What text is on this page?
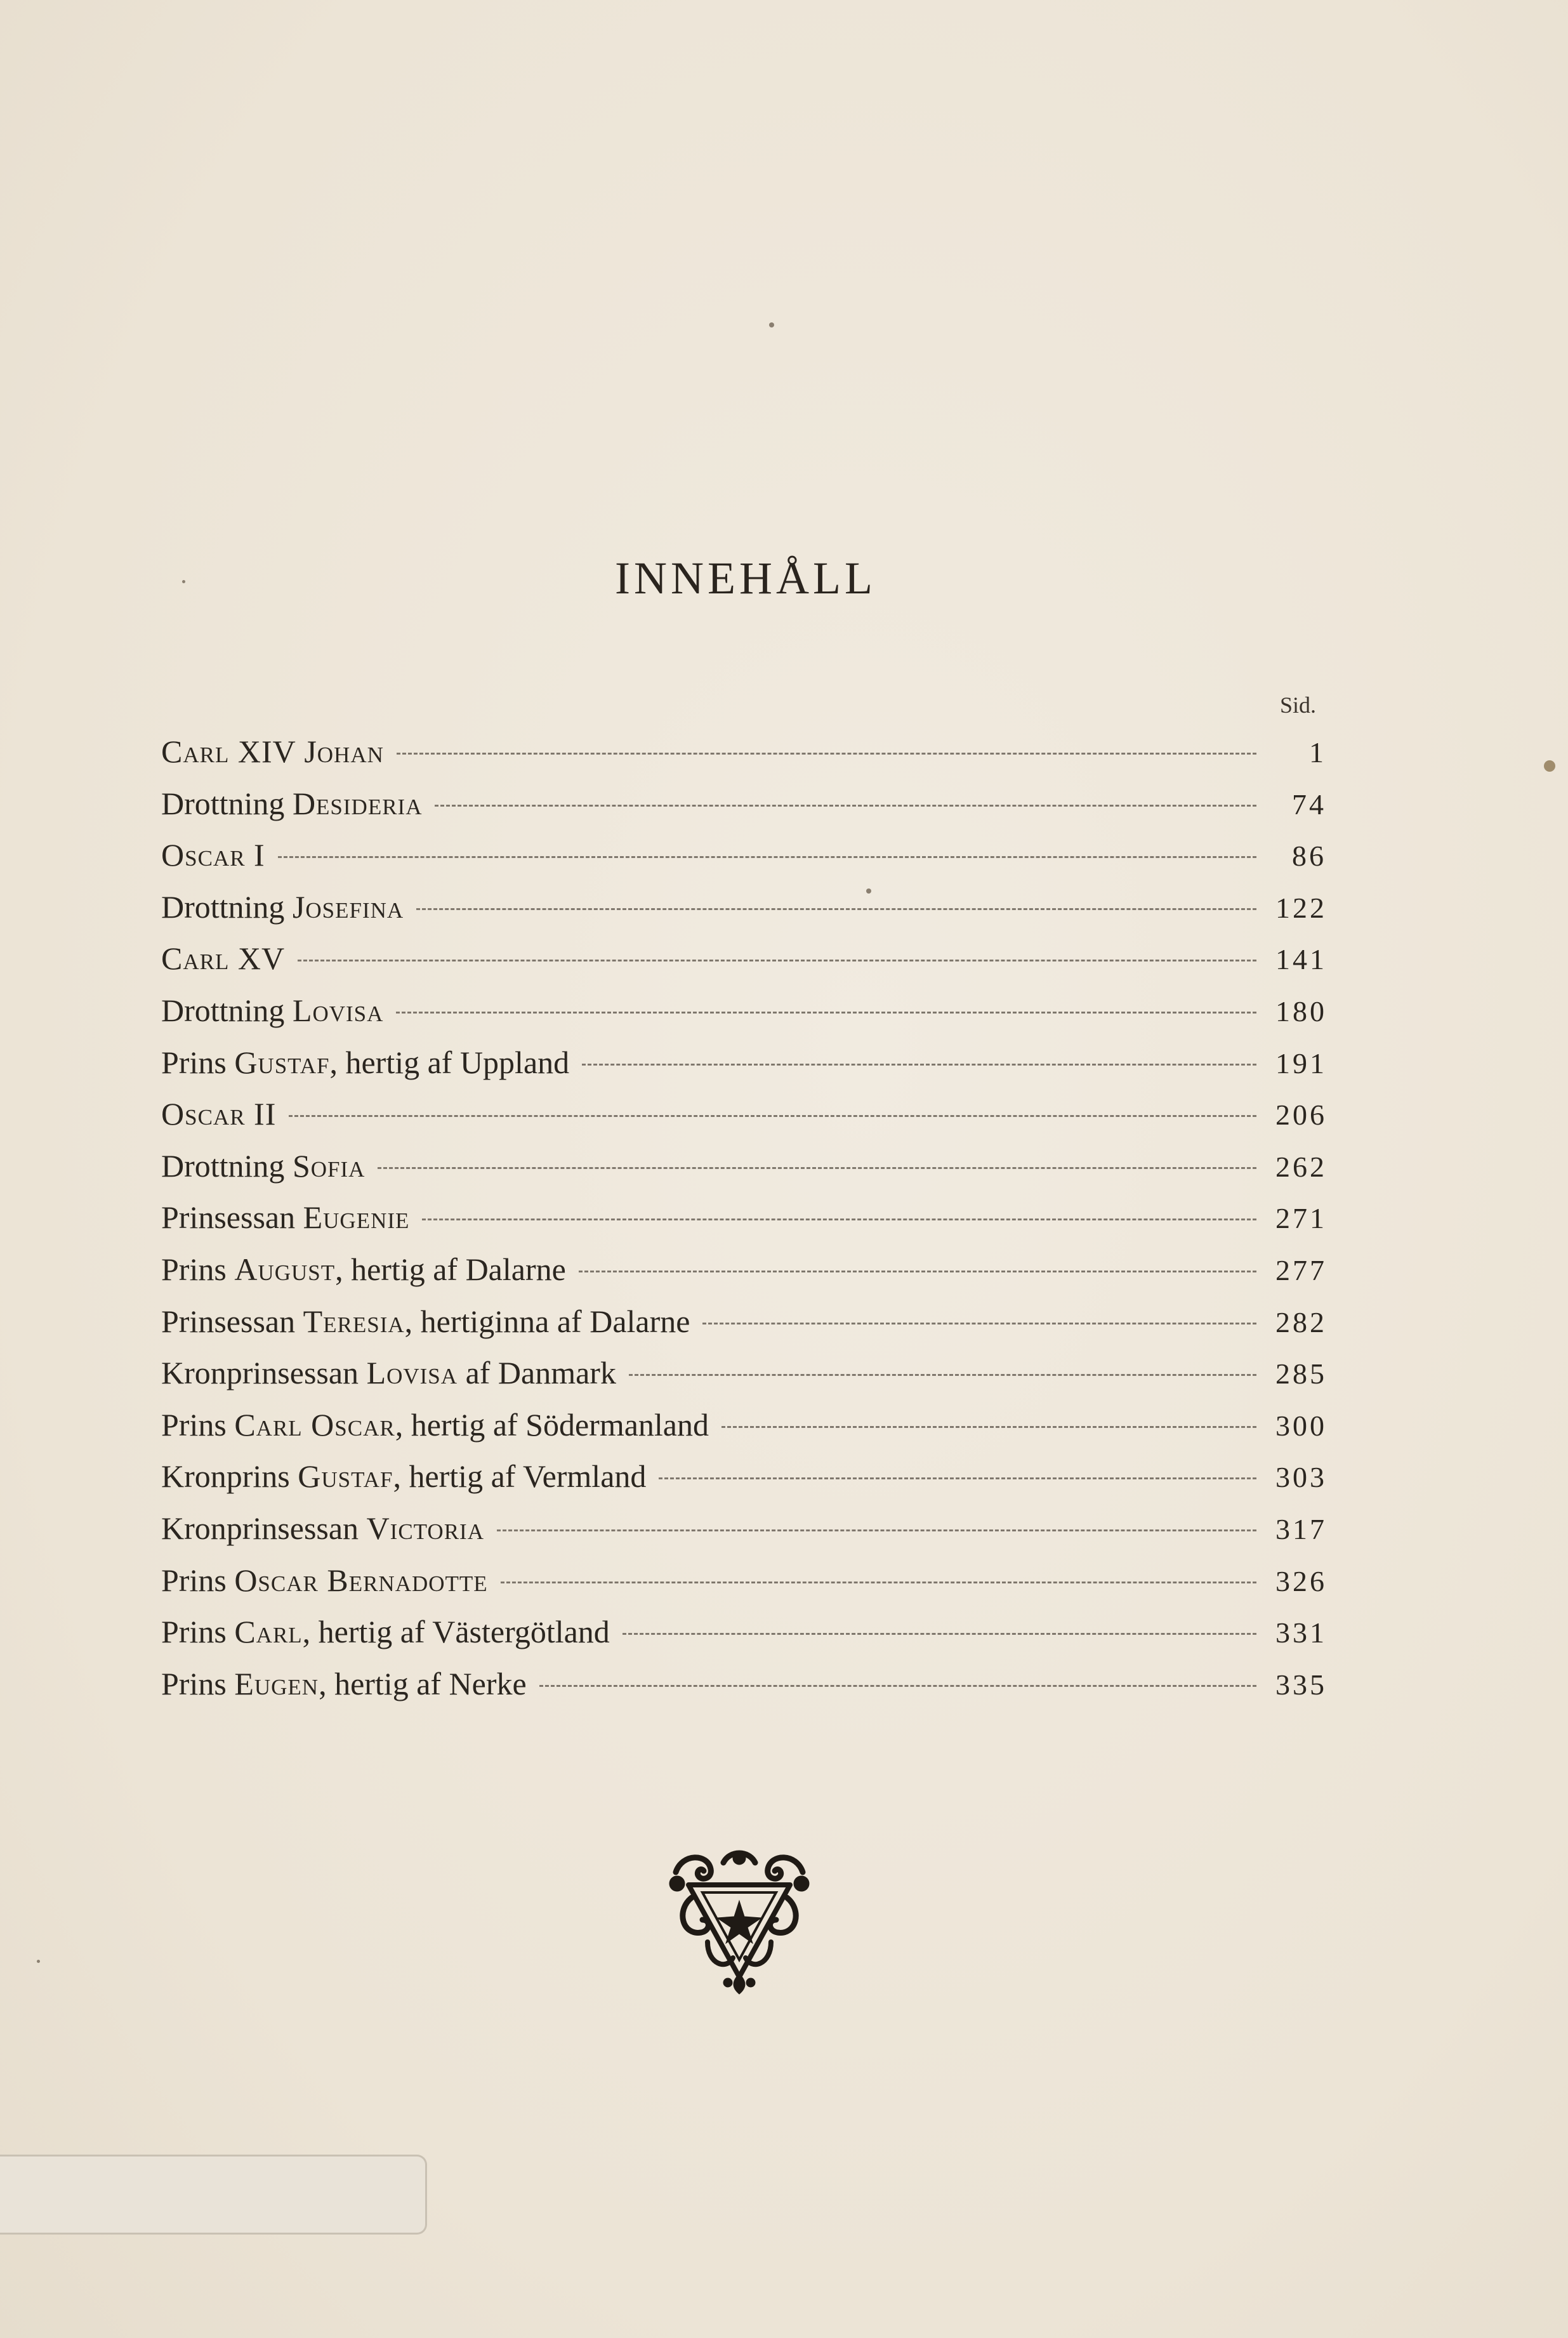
INNEHÅLL
Sid.
Carl XIV Johan	1
Drottning Desideria	74
Oscar I	86
Drottning Josefina	122
Carl XV	141
Drottning Lovisa	180
Prins Gustaf, hertig af Uppland	191
Oscar II	206
Drottning Sofia	262
Prinsessan Eugenie	271
Prins August, hertig af Dalarne	277
Prinsessan Teresia, hertiginna af Dalarne	282
Kronprinsessan Lovisa af Danmark	285
Prins Carl Oscar, hertig af Södermanland	300
Kronprins Gustaf, hertig af Vermland	303
Kronprinsessan Victoria	317
Prins Oscar Bernadotte	326
Prins Carl, hertig af Västergötland	331
Prins Eugen, hertig af Nerke	335
